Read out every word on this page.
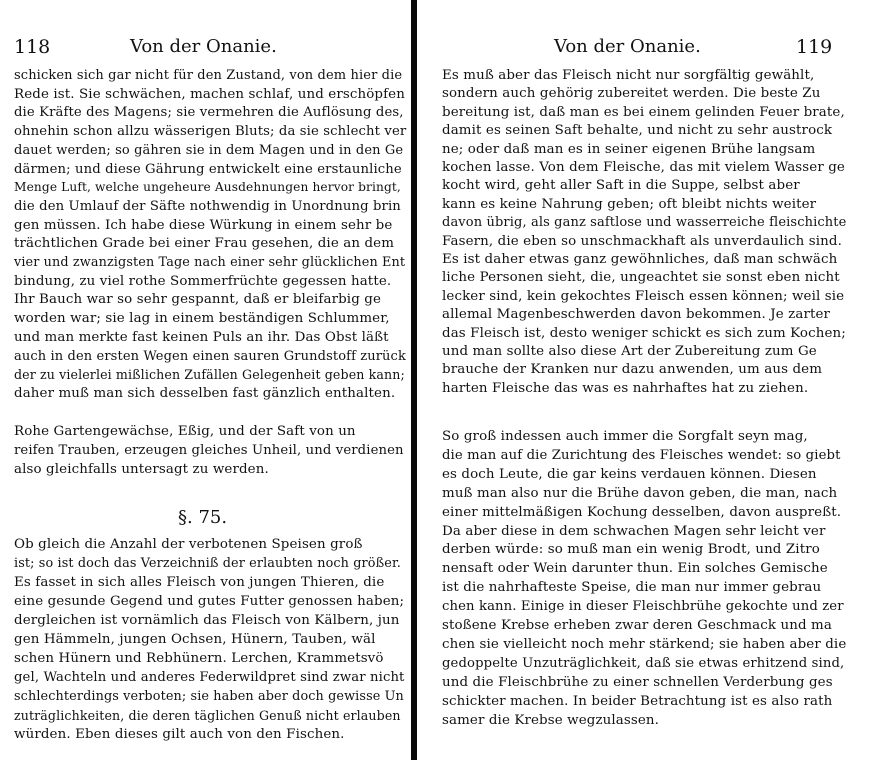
118	Von der Onanie.
schicken sich gar nicht für den Zustand, von dem hier die
Rede ist. Sie schwächen, machen schlaf, und erschöpfen
die Kräfte des Magens; sie vermehren die Auflösung des,
ohnehin schon allzu wässerigen Bluts; da sie schlecht ver
dauet werden; so gähren sie in dem Magen und in den Ge
därmen; und diese Gährung entwickelt eine erstaunliche
Menge Luft, welche ungeheure Ausdehnungen hervor bringt,
die den Umlauf der Säfte nothwendig in Unordnung brin
gen müssen. Ich habe diese Würkung in einem sehr be
trächtlichen Grade bei einer Frau gesehen, die an dem
vier und zwanzigsten Tage nach einer sehr glücklichen Ent
bindung, zu viel rothe Sommerfrüchte gegessen hatte.
Ihr Bauch war so sehr gespannt, daß er bleifarbig ge
worden war; sie lag in einem beständigen Schlummer,
und man merkte fast keinen Puls an ihr. Das Obst läßt
auch in den ersten Wegen einen sauren Grundstoff zurück
der zu vielerlei mißlichen Zufällen Gelegenheit geben kann;
daher muß man sich desselben fast gänzlich enthalten.
Rohe Gartengewächse, Eßig, und der Saft von un
reifen Trauben, erzeugen gleiches Unheil, und verdienen
also gleichfalls untersagt zu werden.
§. 75.
Ob gleich die Anzahl der verbotenen Speisen groß
ist; so ist doch das Verzeichniß der erlaubten noch größer.
Es fasset in sich alles Fleisch von jungen Thieren, die
eine gesunde Gegend und gutes Futter genossen haben;
dergleichen ist vornämlich das Fleisch von Kälbern, jun
gen Hämmeln, jungen Ochsen, Hünern, Tauben, wäl
schen Hünern und Rebhünern. Lerchen, Krammetsvö
gel, Wachteln und anderes Federwildpret sind zwar nicht
schlechterdings verboten; sie haben aber doch gewisse Un
zuträglichkeiten, die deren täglichen Genuß nicht erlauben
würden. Eben dieses gilt auch von den Fischen.
Von der Onanie.	119
Es muß aber das Fleisch nicht nur sorgfältig gewählt,
sondern auch gehörig zubereitet werden. Die beste Zu
bereitung ist, daß man es bei einem gelinden Feuer brate,
damit es seinen Saft behalte, und nicht zu sehr austrock
ne; oder daß man es in seiner eigenen Brühe langsam
kochen lasse. Von dem Fleische, das mit vielem Wasser ge
kocht wird, geht aller Saft in die Suppe, selbst aber
kann es keine Nahrung geben; oft bleibt nichts weiter
davon übrig, als ganz saftlose und wasserreiche fleischichte
Fasern, die eben so unschmackhaft als unverdaulich sind.
Es ist daher etwas ganz gewöhnliches, daß man schwäch
liche Personen sieht, die, ungeachtet sie sonst eben nicht
lecker sind, kein gekochtes Fleisch essen können; weil sie
allemal Magenbeschwerden davon bekommen. Je zarter
das Fleisch ist, desto weniger schickt es sich zum Kochen;
und man sollte also diese Art der Zubereitung zum Ge
brauche der Kranken nur dazu anwenden, um aus dem
harten Fleische das was es nahrhaftes hat zu ziehen.
So groß indessen auch immer die Sorgfalt seyn mag,
die man auf die Zurichtung des Fleisches wendet: so giebt
es doch Leute, die gar keins verdauen können. Diesen
muß man also nur die Brühe davon geben, die man, nach
einer mittelmäßigen Kochung desselben, davon auspreßt.
Da aber diese in dem schwachen Magen sehr leicht ver
derben würde: so muß man ein wenig Brodt, und Zitro
nensaft oder Wein darunter thun. Ein solches Gemische
ist die nahrhafteste Speise, die man nur immer gebrau
chen kann. Einige in dieser Fleischbrühe gekochte und zer
stoßene Krebse erheben zwar deren Geschmack und ma
chen sie vielleicht noch mehr stärkend; sie haben aber die
gedoppelte Unzuträglichkeit, daß sie etwas erhitzend sind,
und die Fleischbrühe zu einer schnellen Verderbung ges
schickter machen. In beider Betrachtung ist es also rath
samer die Krebse wegzulassen.
